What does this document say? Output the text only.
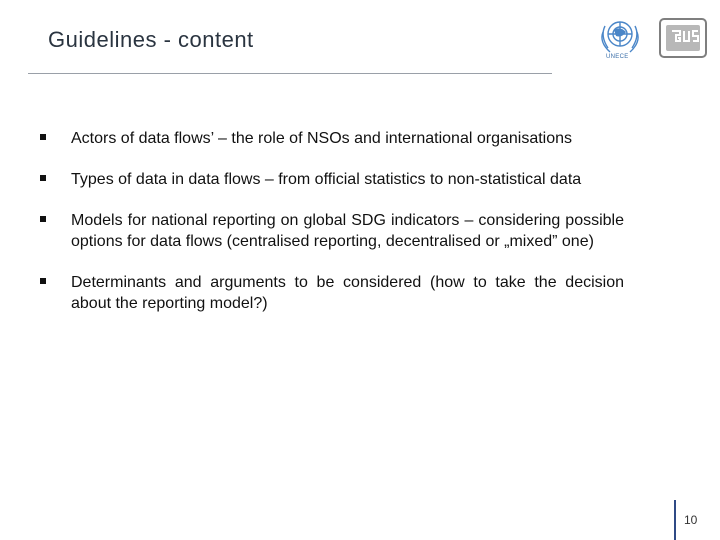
Guidelines - content
UNECE
Actors of data flows’ – the role of NSOs and international organisations
Types of data in data flows – from official statistics to non-statistical data
Models for national reporting on global SDG indicators – considering possible options for data flows (centralised reporting, decentralised or „mixed” one)
Determinants and arguments to be considered (how to take the decision about the reporting model?)
10
